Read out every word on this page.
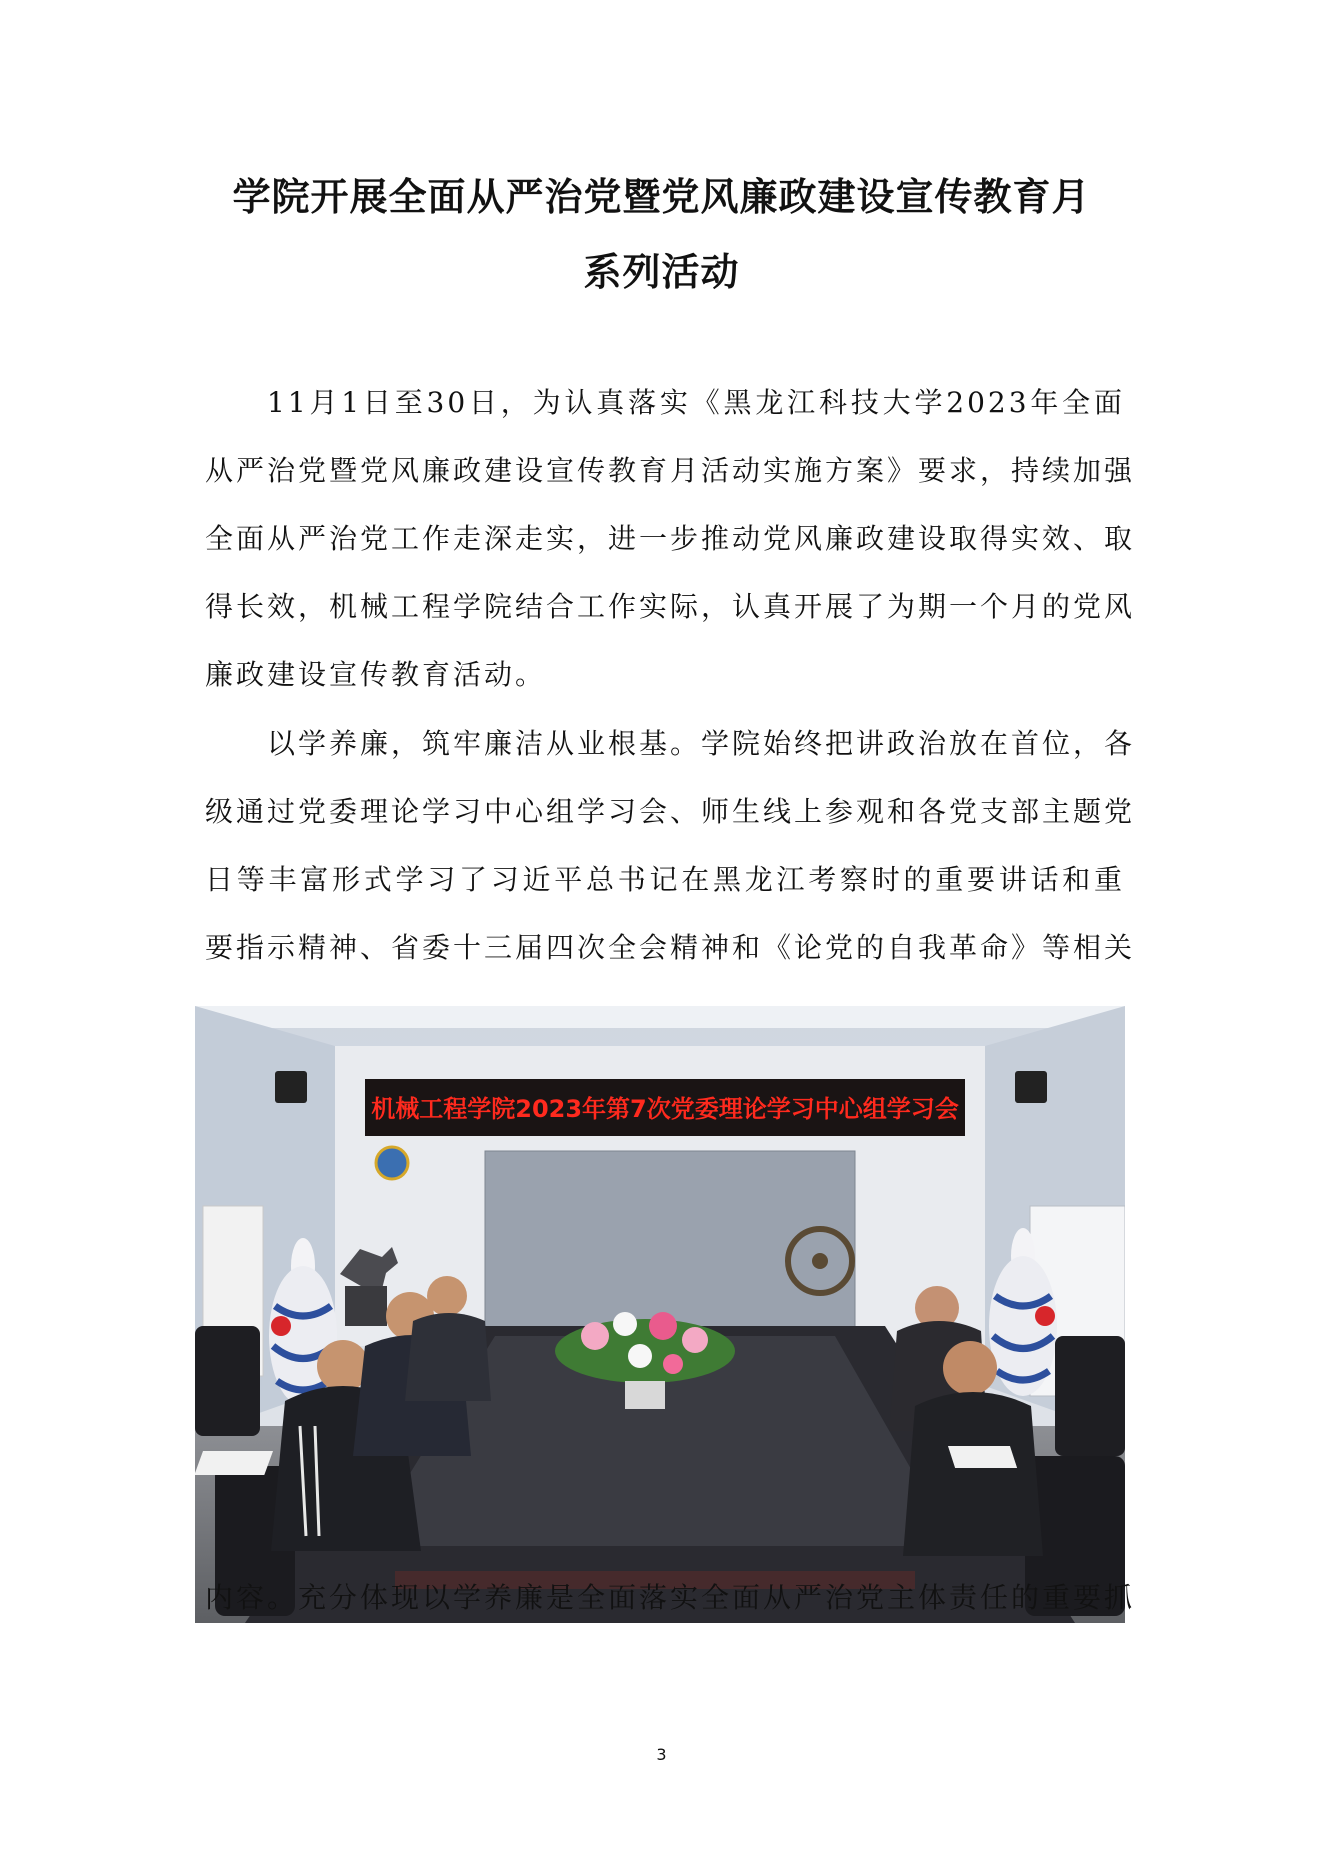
学院开展全面从严治党暨党风廉政建设宣传教育月
系列活动
11月1日至30日，为认真落实《黑龙江科技大学2023年全面
从严治党暨党风廉政建设宣传教育月活动实施方案》要求，持续加强
全面从严治党工作走深走实，进一步推动党风廉政建设取得实效、取
得长效，机械工程学院结合工作实际，认真开展了为期一个月的党风
廉政建设宣传教育活动。
以学养廉，筑牢廉洁从业根基。学院始终把讲政治放在首位，各
级通过党委理论学习中心组学习会、师生线上参观和各党支部主题党
日等丰富形式学习了习近平总书记在黑龙江考察时的重要讲话和重
要指示精神、省委十三届四次全会精神和《论党的自我革命》等相关
机械工程学院2023年第7次党委理论学习中心组学习会
内容。充分体现以学养廉是全面落实全面从严治党主体责任的重要抓
3
